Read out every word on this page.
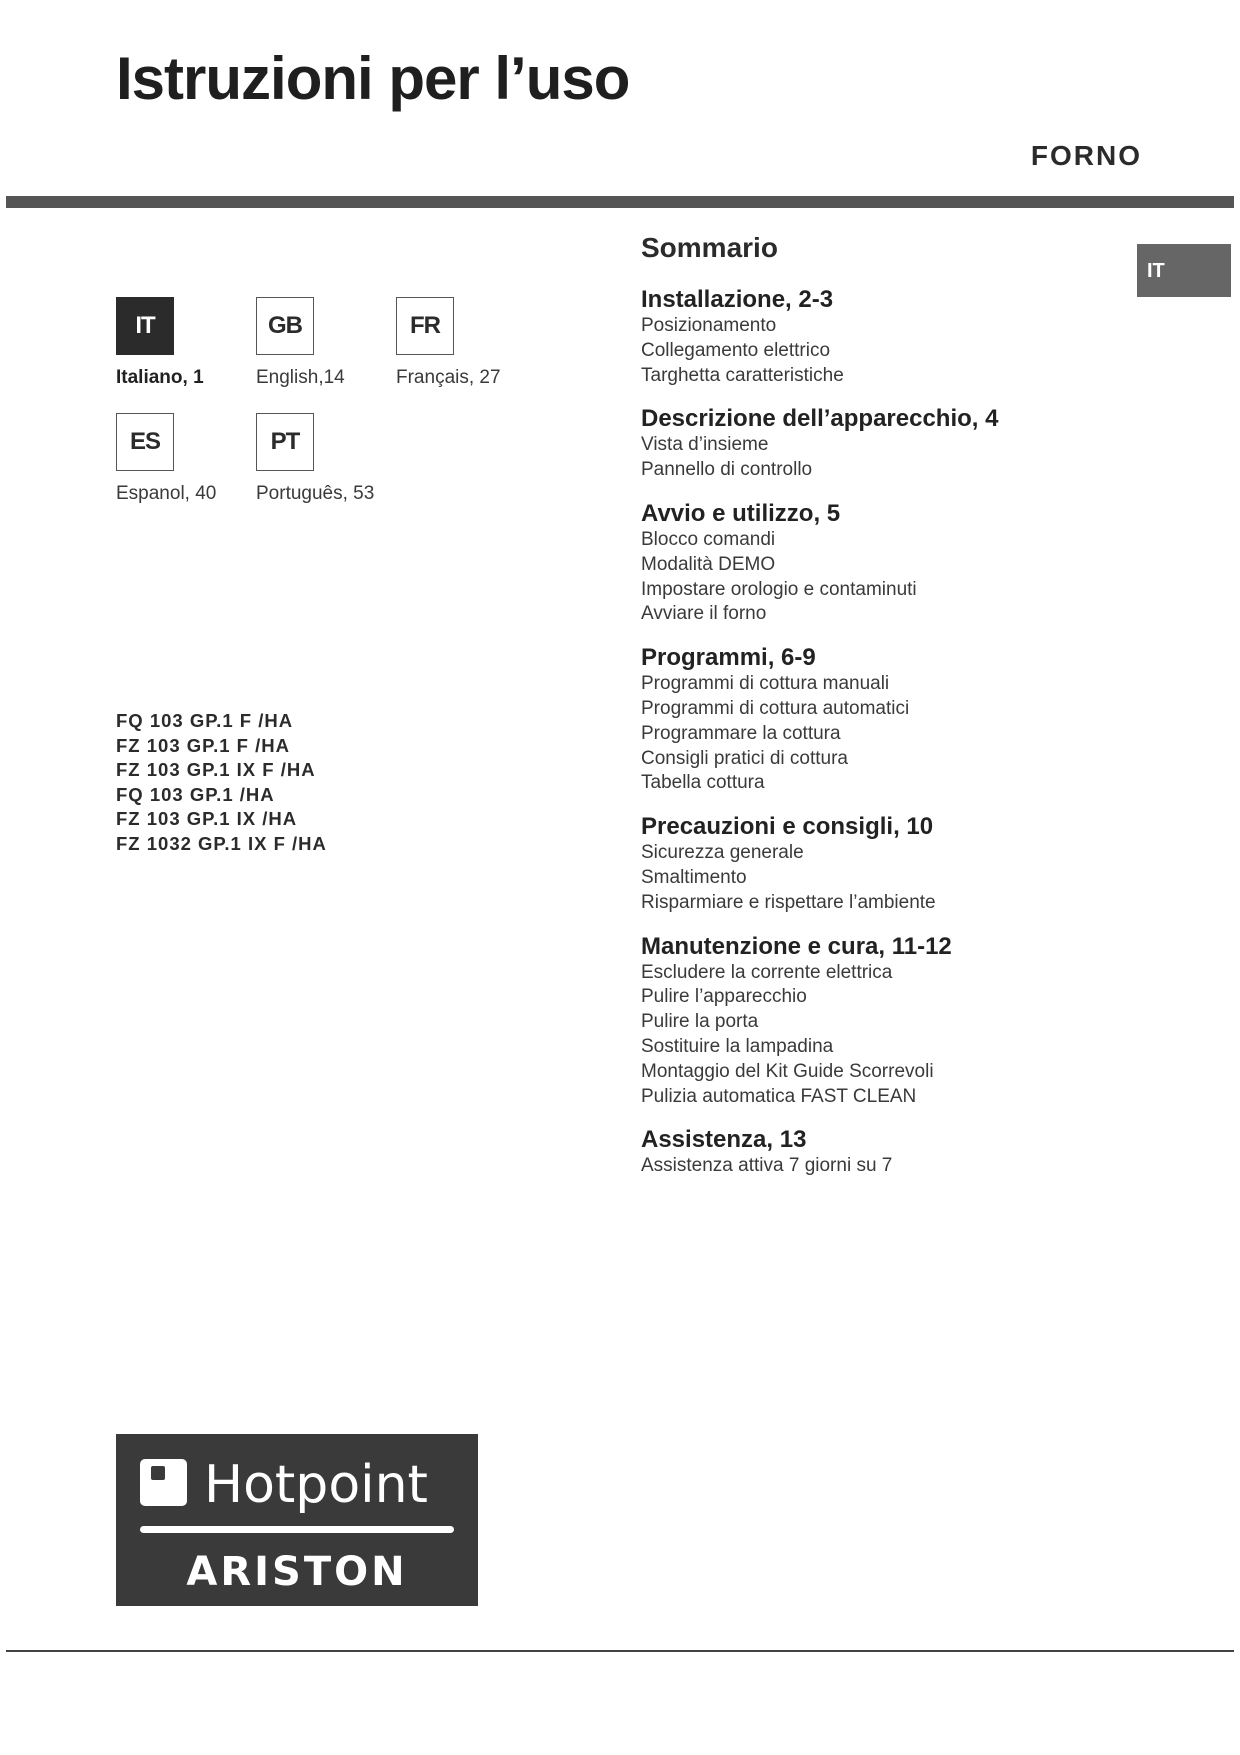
Istruzioni per l’uso
FORNO
IT
IT
Italiano, 1
GB
English,14
FR
Français, 27
ES
Espanol, 40
PT
Português, 53
FQ 103 GP.1 F /HA
FZ 103 GP.1 F /HA
FZ 103 GP.1 IX F /HA
FQ 103 GP.1 /HA
FZ 103 GP.1 IX /HA
FZ 1032 GP.1 IX F /HA
Sommario
Installazione, 2-3
Posizionamento
Collegamento elettrico
Targhetta caratteristiche
Descrizione dell’apparecchio, 4
Vista d’insieme
Pannello di controllo
Avvio e utilizzo, 5
Blocco comandi
Modalità DEMO
Impostare orologio e contaminuti
Avviare il forno
Programmi, 6-9
Programmi di cottura manuali
Programmi di cottura automatici
Programmare la cottura
Consigli pratici di cottura
Tabella cottura
Precauzioni e consigli, 10
Sicurezza generale
Smaltimento
Risparmiare e rispettare l’ambiente
Manutenzione e cura, 11-12
Escludere la corrente elettrica
Pulire l’apparecchio
Pulire la porta
Sostituire la lampadina
Montaggio del Kit Guide Scorrevoli
Pulizia automatica FAST CLEAN
Assistenza, 13
Assistenza attiva 7 giorni su 7
Hotpoint
ARISTON
